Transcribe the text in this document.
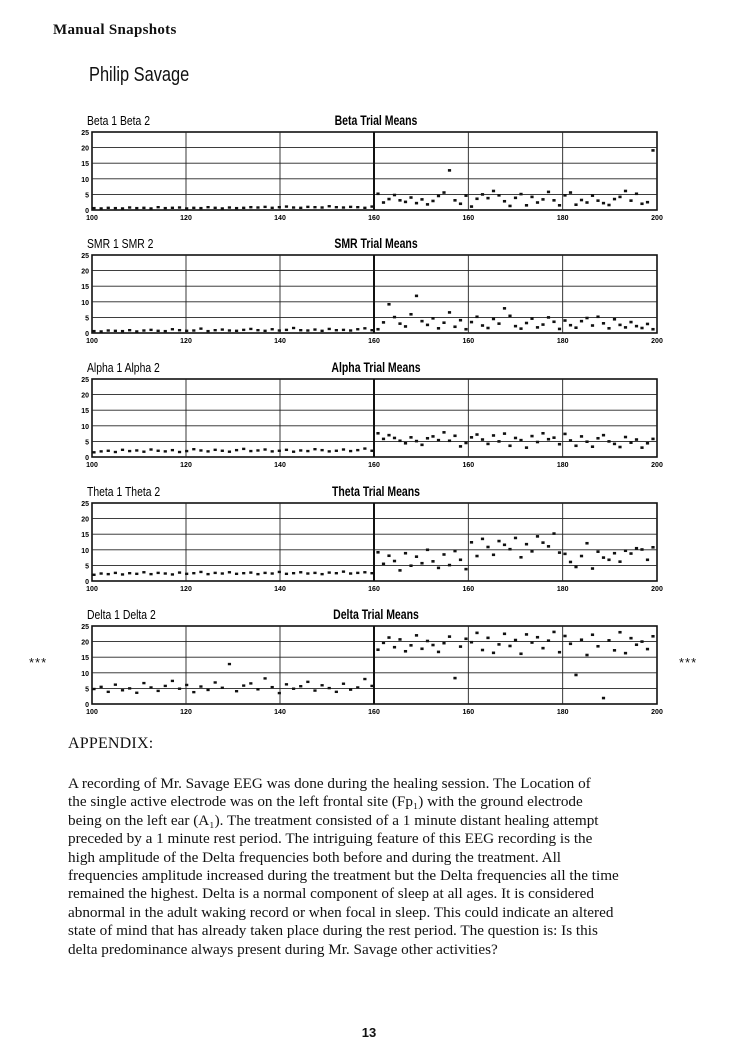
Manual Snapshots
Philip Savage
Beta 1 Beta 2	Beta Trial Means
25
20
15
10
5
0
100	120	140	160	160	180	200
SMR 1 SMR 2	SMR Trial Means
25
20
15
10
5
0
100	120	140	160	160	180	200
Alpha 1 Alpha 2	Alpha Trial Means
25
20
15
10
5
0
100	120	140	160	160	180	200
Theta 1 Theta 2	Theta Trial Means
25
20
15
10
5
0
100	120	140	160	160	180	200
Delta 1 Delta 2	Delta Trial Means
25
20
15
10
5
0
100	120	140	160	160	180	200
***	***
APPENDIX:
A recording of Mr. Savage EEG was done during the healing session. The Location of
the single active electrode was on the left frontal site (Fp₁) with the ground electrode
being on the left ear (A₁). The treatment consisted of a 1 minute distant healing attempt
preceded by a 1 minute rest period. The intriguing feature of this EEG recording is the
high amplitude of the Delta frequencies both before and during the treatment. All
frequencies amplitude increased during the treatment but the Delta frequencies all the time
remained the highest. Delta is a normal component of sleep at all ages. It is considered
abnormal in the adult waking record or when focal in sleep. This could indicate an altered
state of mind that has already taken place during the rest period. The question is: Is this
delta predominance always present during Mr. Savage other activities?
13
